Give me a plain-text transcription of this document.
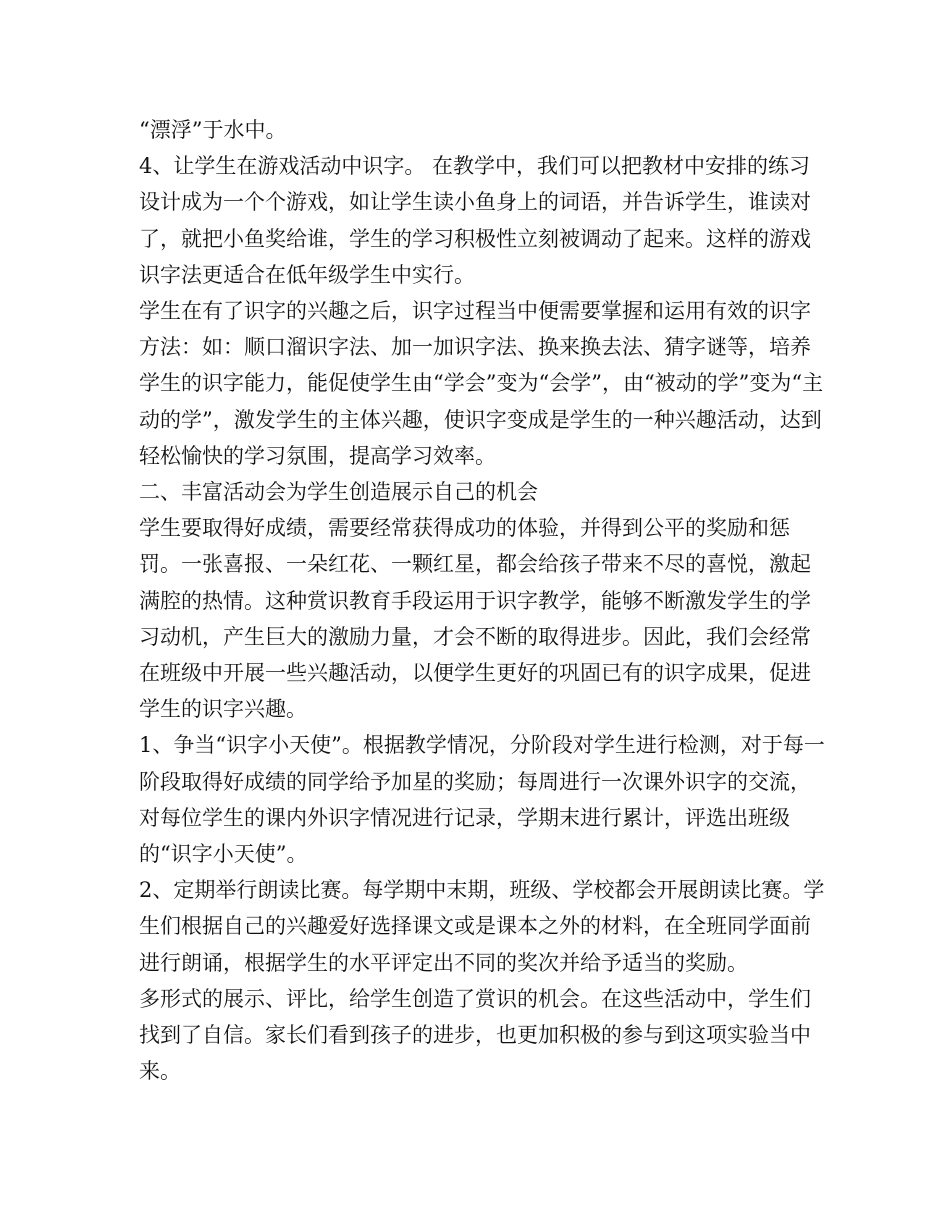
“漂浮”于水中。

4、让学生在游戏活动中识字。 在教学中，我们可以把教材中安排的练习设计成为一个个游戏，如让学生读小鱼身上的词语，并告诉学生，谁读对了，就把小鱼奖给谁，学生的学习积极性立刻被调动了起来。这样的游戏识字法更适合在低年级学生中实行。

学生在有了识字的兴趣之后，识字过程当中便需要掌握和运用有效的识字方法：如：顺口溜识字法、加一加识字法、换来换去法、猜字谜等，培养学生的识字能力，能促使学生由“学会”变为“会学”，由“被动的学”变为“主动的学”，激发学生的主体兴趣，使识字变成是学生的一种兴趣活动，达到轻松愉快的学习氛围，提高学习效率。

二、丰富活动会为学生创造展示自己的机会

学生要取得好成绩，需要经常获得成功的体验，并得到公平的奖励和惩罚。一张喜报、一朵红花、一颗红星，都会给孩子带来不尽的喜悦，激起满腔的热情。这种赏识教育手段运用于识字教学，能够不断激发学生的学习动机，产生巨大的激励力量，才会不断的取得进步。因此，我们会经常在班级中开展一些兴趣活动，以便学生更好的巩固已有的识字成果，促进学生的识字兴趣。

1、争当“识字小天使”。根据教学情况，分阶段对学生进行检测，对于每一阶段取得好成绩的同学给予加星的奖励；每周进行一次课外识字的交流，对每位学生的课内外识字情况进行记录，学期末进行累计，评选出班级的“识字小天使”。

2、定期举行朗读比赛。每学期中末期，班级、学校都会开展朗读比赛。学生们根据自己的兴趣爱好选择课文或是课本之外的材料，在全班同学面前进行朗诵，根据学生的水平评定出不同的奖次并给予适当的奖励。

多形式的展示、评比，给学生创造了赏识的机会。在这些活动中，学生们找到了自信。家长们看到孩子的进步，也更加积极的参与到这项实验当中来。
